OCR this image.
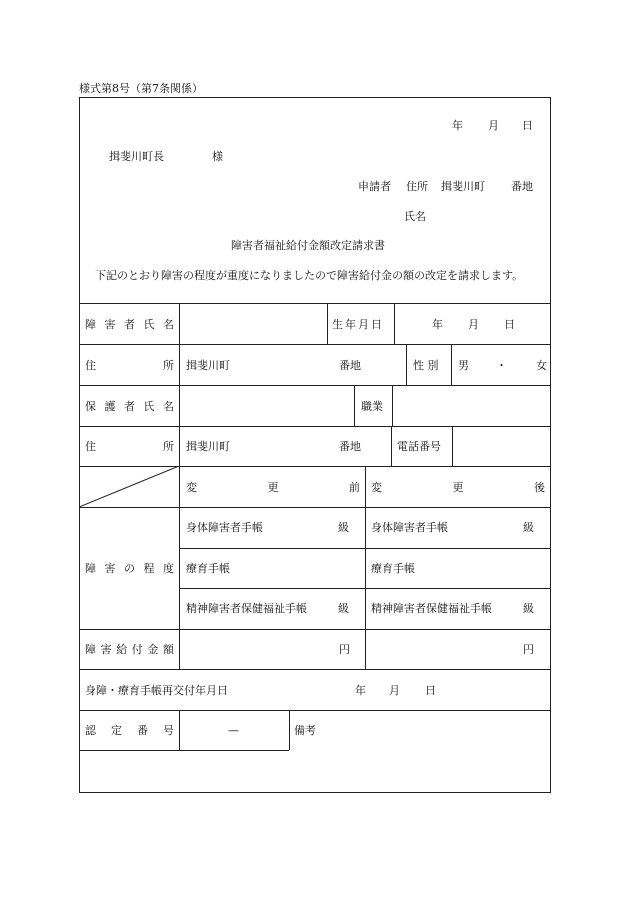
様式第8号（第7条関係）
年 月 日
揖斐川町長	様
申請者 住所 揖斐川町 番地
氏名
障害者福祉給付金額改定請求書
下記のとおり障害の程度が重度になりましたので障害給付金の額の改定を請求します。
障 害 者 氏 名	生年月日	年 月 日
住	所 揖斐川町	番地	性 別 男 ・	女
保 護 者 氏 名	職業
住	所 揖斐川町	番地	電話番号
変	更	前 変	更	後
障 害 の 程 度
身体障害者手帳	級 身体障害者手帳	級
療育手帳	療育手帳
精神障害者保健福祉手帳	級 精神障害者保健福祉手帳	級
障 害 給 付 金 額	円	円
身障・療育手帳再交付年月日	年 月 日
認 定 番 号	—	備考
